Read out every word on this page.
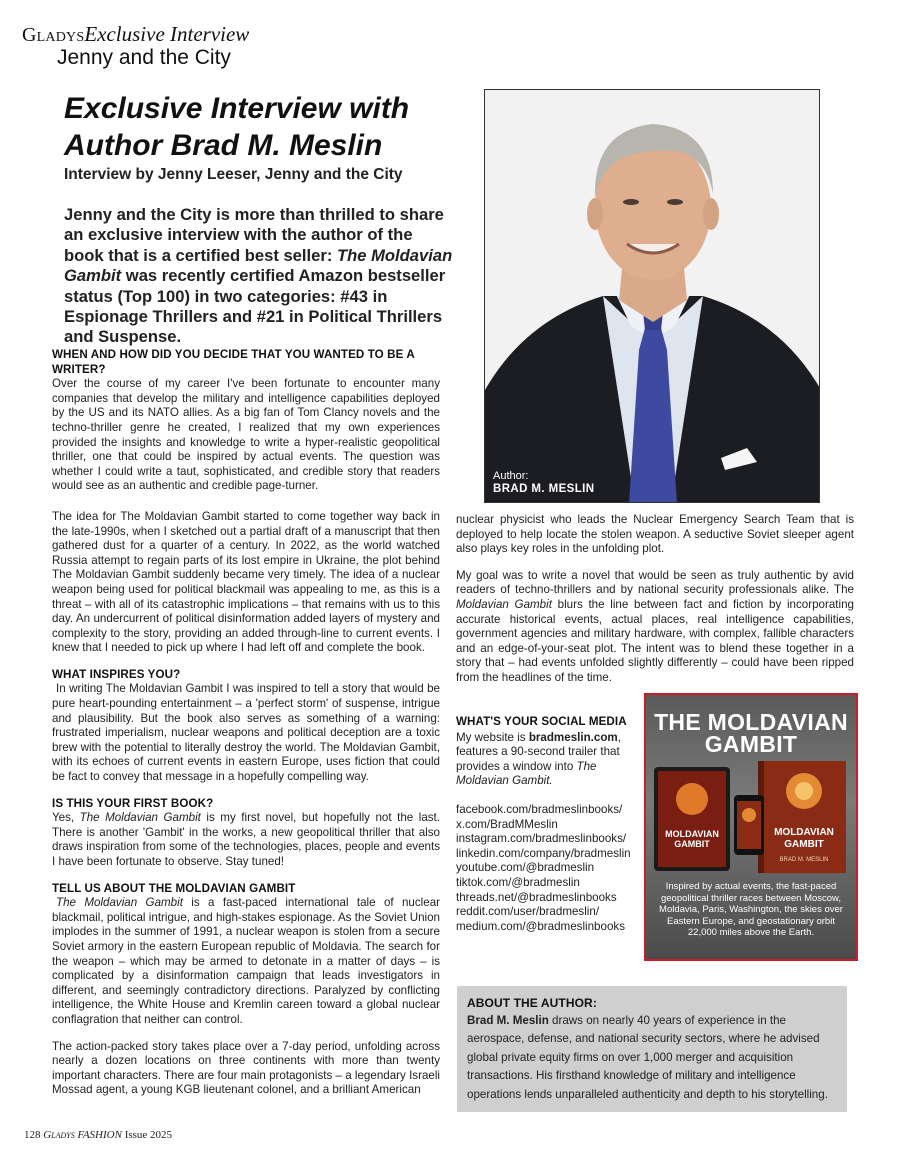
GladysExclusive Interview
Jenny and the City
Exclusive Interview with Author Brad M. Meslin
Interview by Jenny Leeser, Jenny and the City

Jenny and the City is more than thrilled to share an exclusive interview with the author of the book that is a certified best seller: The Moldavian Gambit was recently certified Amazon bestseller status (Top 100) in two categories: #43 in Espionage Thrillers and #21 in Political Thrillers and Suspense.

Author:
BRAD M. MESLIN
WHEN AND HOW DID YOU DECIDE THAT YOU WANTED TO BE A WRITER?

Over the course of my career I've been fortunate to encounter many companies that develop the military and intelligence capabilities deployed by the US and its NATO allies. As a big fan of Tom Clancy novels and the techno-thriller genre he created, I realized that my own experiences provided the insights and knowledge to write a hyper-realistic geopolitical thriller, one that could be inspired by actual events. The question was whether I could write a taut, sophisticated, and credible story that readers would see as an authentic and credible page-turner.

The idea for The Moldavian Gambit started to come together way back in the late-1990s, when I sketched out a partial draft of a manuscript that then gathered dust for a quarter of a century. In 2022, as the world watched Russia attempt to regain parts of its lost empire in Ukraine, the plot behind The Moldavian Gambit suddenly became very timely. The idea of a nuclear weapon being used for political blackmail was appealing to me, as this is a threat – with all of its catastrophic implications – that remains with us to this day. An undercurrent of political disinformation added layers of mystery and complexity to the story, providing an added through-line to current events. I knew that I needed to pick up where I had left off and complete the book.

WHAT INSPIRES YOU?

In writing The Moldavian Gambit I was inspired to tell a story that would be pure heart-pounding entertainment – a 'perfect storm' of suspense, intrigue and plausibility. But the book also serves as something of a warning: frustrated imperialism, nuclear weapons and political deception are a toxic brew with the potential to literally destroy the world. The Moldavian Gambit, with its echoes of current events in eastern Europe, uses fiction that could be fact to convey that message in a hopefully compelling way.

IS THIS YOUR FIRST BOOK?

Yes, The Moldavian Gambit is my first novel, but hopefully not the last. There is another 'Gambit' in the works, a new geopolitical thriller that also draws inspiration from some of the technologies, places, people and events I have been fortunate to observe. Stay tuned!

TELL US ABOUT THE MOLDAVIAN GAMBIT

The Moldavian Gambit is a fast-paced international tale of nuclear blackmail, political intrigue, and high-stakes espionage. As the Soviet Union implodes in the summer of 1991, a nuclear weapon is stolen from a secure Soviet armory in the eastern European republic of Moldavia. The search for the weapon – which may be armed to detonate in a matter of days – is complicated by a disinformation campaign that leads investigators in different, and seemingly contradictory directions. Paralyzed by conflicting intelligence, the White House and Kremlin careen toward a global nuclear conflagration that neither can control.

The action-packed story takes place over a 7-day period, unfolding across nearly a dozen locations on three continents with more than twenty important characters. There are four main protagonists – a legendary Israeli Mossad agent, a young KGB lieutenant colonel, and a brilliant American

nuclear physicist who leads the Nuclear Emergency Search Team that is deployed to help locate the stolen weapon. A seductive Soviet sleeper agent also plays key roles in the unfolding plot.

My goal was to write a novel that would be seen as truly authentic by avid readers of techno-thrillers and by national security professionals alike. The Moldavian Gambit blurs the line between fact and fiction by incorporating accurate historical events, actual places, real intelligence capabilities, government agencies and military hardware, with complex, fallible characters and an edge-of-your-seat plot. The intent was to blend these together in a story that – had events unfolded slightly differently – could have been ripped from the headlines of the time.

WHAT'S YOUR SOCIAL MEDIA

My website is bradmeslin.com, features a 90-second trailer that provides a window into The Moldavian Gambit.

facebook.com/bradmeslinbooks/
x.com/BradMMeslin
instagram.com/bradmeslinbooks/
linkedin.com/company/bradmeslin
youtube.com/@bradmeslin
tiktok.com/@bradmeslin
threads.net/@bradmeslinbooks
reddit.com/user/bradmeslin/
medium.com/@bradmeslinbooks
THE MOLDAVIAN
GAMBIT
MOLDAVIAN
GAMBIT
MOLDAVIAN
GAMBIT
BRAD M. MESLIN
Inspired by actual events, the fast-paced geopolitical thriller races between Moscow, Moldavia, Paris, Washington, the skies over Eastern Europe, and geostationary orbit 22,000 miles above the Earth.
ABOUT THE AUTHOR:

Brad M. Meslin draws on nearly 40 years of experience in the aerospace, defense, and national security sectors, where he advised global private equity firms on over 1,000 merger and acquisition transactions. His firsthand knowledge of military and intelligence operations lends unparalleled authenticity and depth to his storytelling.

128 Gladys FASHION Issue 2025
